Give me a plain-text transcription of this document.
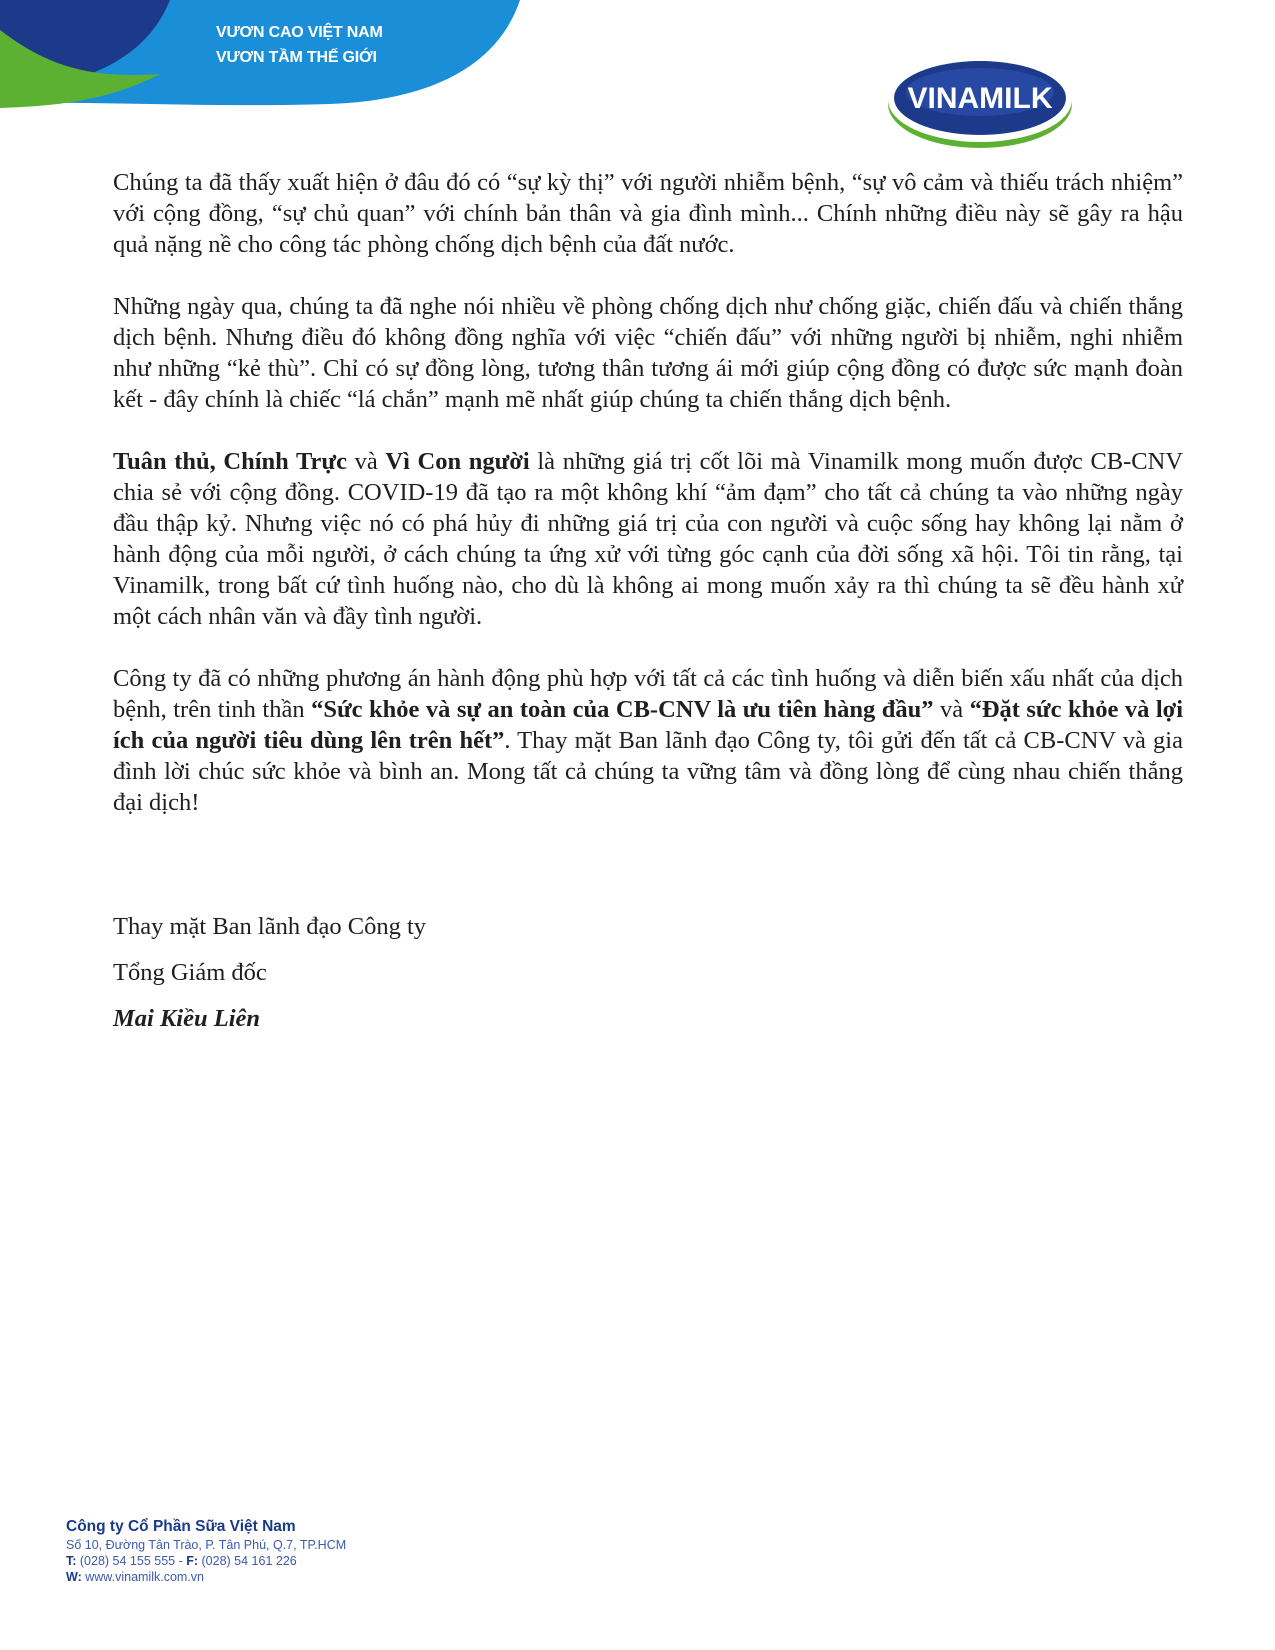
VƯƠN CAO VIỆT NAM
VƯƠN TẦM THẾ GIỚI
VINAMILK

Chúng ta đã thấy xuất hiện ở đâu đó có “sự kỳ thị” với người nhiễm bệnh, “sự vô cảm và thiếu trách nhiệm” với cộng đồng, “sự chủ quan” với chính bản thân và gia đình mình... Chính những điều này sẽ gây ra hậu quả nặng nề cho công tác phòng chống dịch bệnh của đất nước.

Những ngày qua, chúng ta đã nghe nói nhiều về phòng chống dịch như chống giặc, chiến đấu và chiến thắng dịch bệnh. Nhưng điều đó không đồng nghĩa với việc “chiến đấu” với những người bị nhiễm, nghi nhiễm như những “kẻ thù”. Chỉ có sự đồng lòng, tương thân tương ái mới giúp cộng đồng có được sức mạnh đoàn kết - đây chính là chiếc “lá chắn” mạnh mẽ nhất giúp chúng ta chiến thắng dịch bệnh.

Tuân thủ, Chính Trực và Vì Con người là những giá trị cốt lõi mà Vinamilk mong muốn được CB-CNV chia sẻ với cộng đồng. COVID-19 đã tạo ra một không khí “ảm đạm” cho tất cả chúng ta vào những ngày đầu thập kỷ. Nhưng việc nó có phá hủy đi những giá trị của con người và cuộc sống hay không lại nằm ở hành động của mỗi người, ở cách chúng ta ứng xử với từng góc cạnh của đời sống xã hội. Tôi tin rằng, tại Vinamilk, trong bất cứ tình huống nào, cho dù là không ai mong muốn xảy ra thì chúng ta sẽ đều hành xử một cách nhân văn và đầy tình người.

Công ty đã có những phương án hành động phù hợp với tất cả các tình huống và diễn biến xấu nhất của dịch bệnh, trên tinh thần “Sức khỏe và sự an toàn của CB-CNV là ưu tiên hàng đầu” và “Đặt sức khỏe và lợi ích của người tiêu dùng lên trên hết”. Thay mặt Ban lãnh đạo Công ty, tôi gửi đến tất cả CB-CNV và gia đình lời chúc sức khỏe và bình an. Mong tất cả chúng ta vững tâm và đồng lòng để cùng nhau chiến thắng đại dịch!

Thay mặt Ban lãnh đạo Công ty
Tổng Giám đốc
Mai Kiều Liên
Công ty Cổ Phần Sữa Việt Nam
Số 10, Đường Tân Trào, P. Tân Phú, Q.7, TP.HCM
T: (028) 54 155 555 - F: (028) 54 161 226
W: www.vinamilk.com.vn
